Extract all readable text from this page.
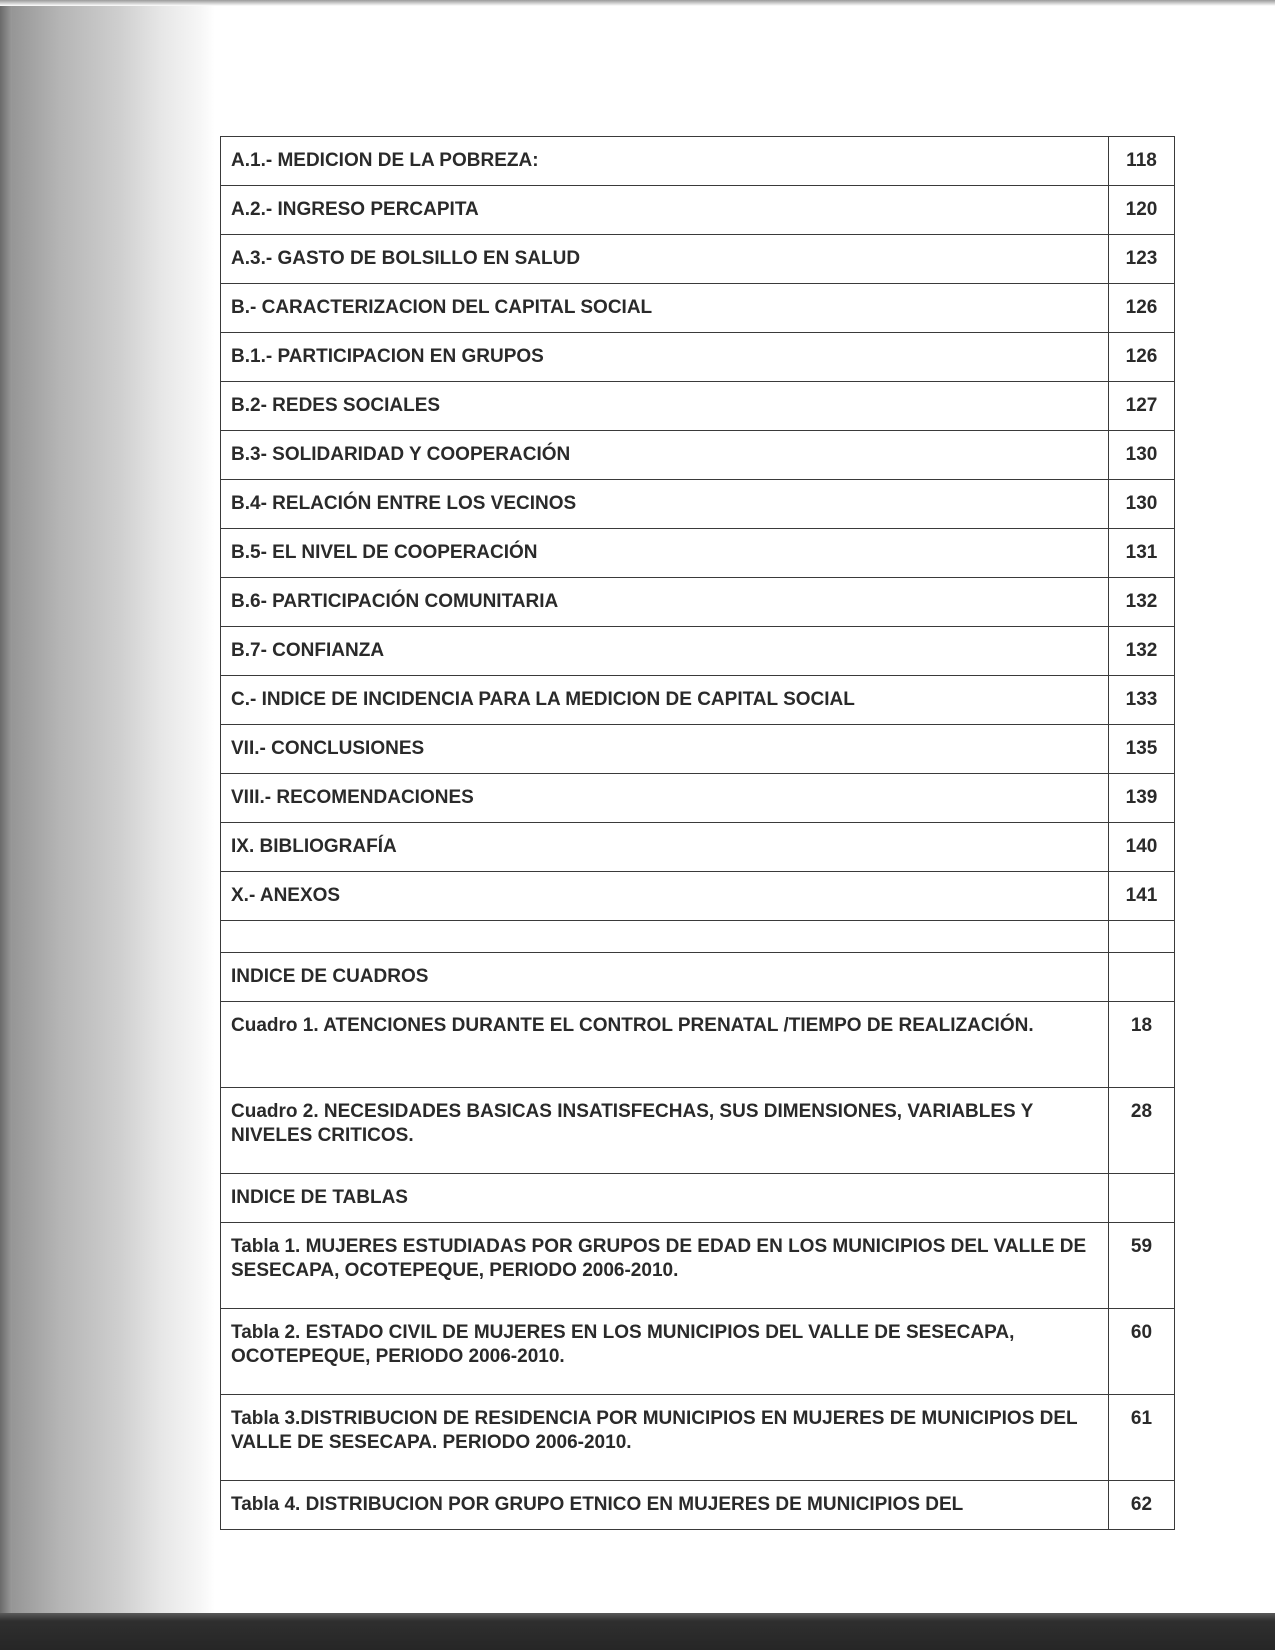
A.1.- MEDICION DE LA POBREZA:	118
A.2.- INGRESO PERCAPITA	120
A.3.- GASTO DE BOLSILLO EN SALUD	123
B.- CARACTERIZACION DEL CAPITAL SOCIAL	126
B.1.- PARTICIPACION EN GRUPOS	126
B.2- REDES SOCIALES	127
B.3- SOLIDARIDAD Y COOPERACIÓN	130
B.4- RELACIÓN ENTRE LOS VECINOS	130
B.5- EL NIVEL DE COOPERACIÓN	131
B.6- PARTICIPACIÓN COMUNITARIA	132
B.7- CONFIANZA	132
C.- INDICE DE INCIDENCIA PARA LA MEDICION DE CAPITAL SOCIAL	133
VII.- CONCLUSIONES	135
VIII.- RECOMENDACIONES	139
IX. BIBLIOGRAFÍA	140
X.- ANEXOS	141

INDICE DE CUADROS	
Cuadro 1. ATENCIONES DURANTE EL CONTROL PRENATAL /TIEMPO DE REALIZACIÓN.	18
Cuadro 2. NECESIDADES BASICAS INSATISFECHAS, SUS DIMENSIONES, VARIABLES Y NIVELES CRITICOS.	28
INDICE DE TABLAS	
Tabla 1. MUJERES ESTUDIADAS POR GRUPOS DE EDAD EN LOS MUNICIPIOS DEL VALLE DE SESECAPA, OCOTEPEQUE, PERIODO 2006-2010.	59
Tabla 2. ESTADO CIVIL DE MUJERES EN LOS MUNICIPIOS DEL VALLE DE SESECAPA, OCOTEPEQUE, PERIODO 2006-2010.	60
Tabla 3.DISTRIBUCION DE RESIDENCIA POR MUNICIPIOS EN MUJERES DE MUNICIPIOS DEL VALLE DE SESECAPA. PERIODO 2006-2010.	61
Tabla 4. DISTRIBUCION POR GRUPO ETNICO EN MUJERES DE MUNICIPIOS DEL	62
